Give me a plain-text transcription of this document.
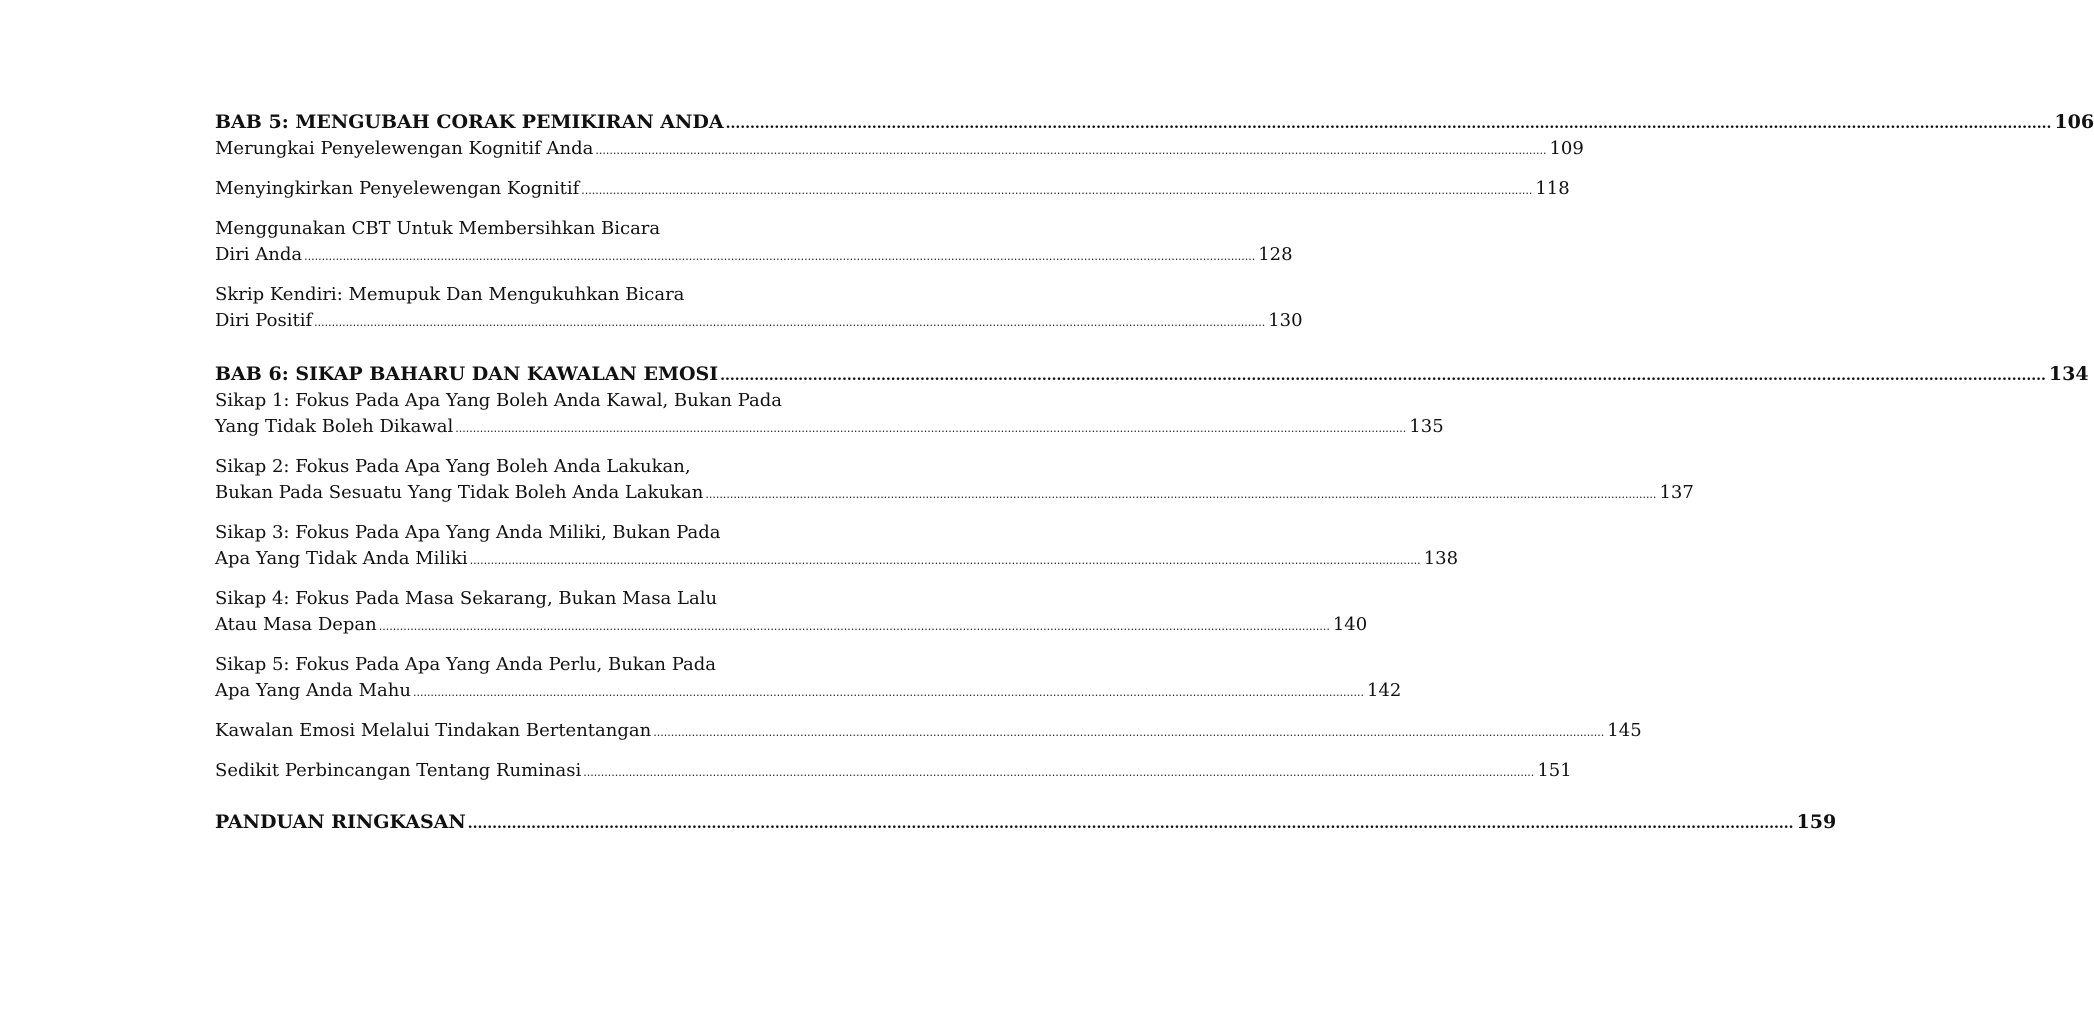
BAB 5: MENGUBAH CORAK PEMIKIRAN ANDA .....	106
Merungkai Penyelewengan Kognitif Anda .....	109
Menyingkirkan Penyelewengan Kognitif .....	118
Menggunakan CBT Untuk Membersihkan Bicara
Diri Anda .....	128
Skrip Kendiri: Memupuk Dan Mengukuhkan Bicara
Diri Positif .....	130
BAB 6: SIKAP BAHARU DAN KAWALAN EMOSI .....	134
Sikap 1: Fokus Pada Apa Yang Boleh Anda Kawal, Bukan Pada
Yang Tidak Boleh Dikawal .....	135
Sikap 2: Fokus Pada Apa Yang Boleh Anda Lakukan,
Bukan Pada Sesuatu Yang Tidak Boleh Anda Lakukan .....	137
Sikap 3: Fokus Pada Apa Yang Anda Miliki, Bukan Pada
Apa Yang Tidak Anda Miliki .....	138
Sikap 4: Fokus Pada Masa Sekarang, Bukan Masa Lalu
Atau Masa Depan .....	140
Sikap 5: Fokus Pada Apa Yang Anda Perlu, Bukan Pada
Apa Yang Anda Mahu .....	142
Kawalan Emosi Melalui Tindakan Bertentangan .....	145
Sedikit Perbincangan Tentang Ruminasi .....	151
PANDUAN RINGKASAN .....	159
